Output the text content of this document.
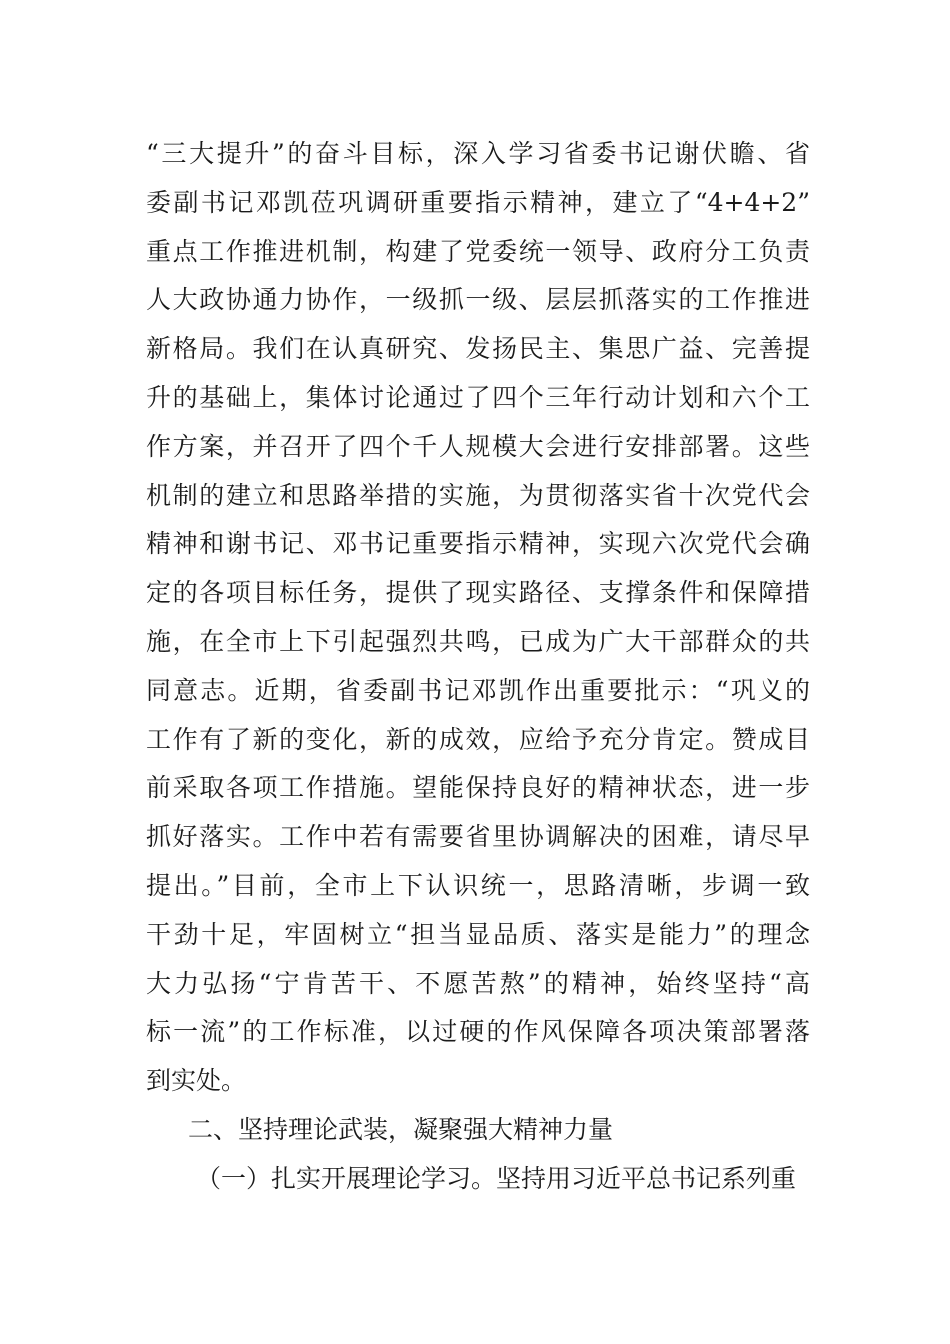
“三大提升”的奋斗目标，深入学习省委书记谢伏瞻、省
委副书记邓凯莅巩调研重要指示精神，建立了“4+4+2”
重点工作推进机制，构建了党委统一领导、政府分工负责
人大政协通力协作，一级抓一级、层层抓落实的工作推进
新格局。我们在认真研究、发扬民主、集思广益、完善提
升的基础上，集体讨论通过了四个三年行动计划和六个工
作方案，并召开了四个千人规模大会进行安排部署。这些
机制的建立和思路举措的实施，为贯彻落实省十次党代会
精神和谢书记、邓书记重要指示精神，实现六次党代会确
定的各项目标任务，提供了现实路径、支撑条件和保障措
施，在全市上下引起强烈共鸣，已成为广大干部群众的共
同意志。近期，省委副书记邓凯作出重要批示：“巩义的
工作有了新的变化，新的成效，应给予充分肯定。赞成目
前采取各项工作措施。望能保持良好的精神状态，进一步
抓好落实。工作中若有需要省里协调解决的困难，请尽早
提出。”目前，全市上下认识统一，思路清晰，步调一致
干劲十足，牢固树立“担当显品质、落实是能力”的理念
大力弘扬“宁肯苦干、不愿苦熬”的精神，始终坚持“高
标一流”的工作标准，以过硬的作风保障各项决策部署落
到实处。
二、坚持理论武装，凝聚强大精神力量
（一）扎实开展理论学习。坚持用习近平总书记系列重
